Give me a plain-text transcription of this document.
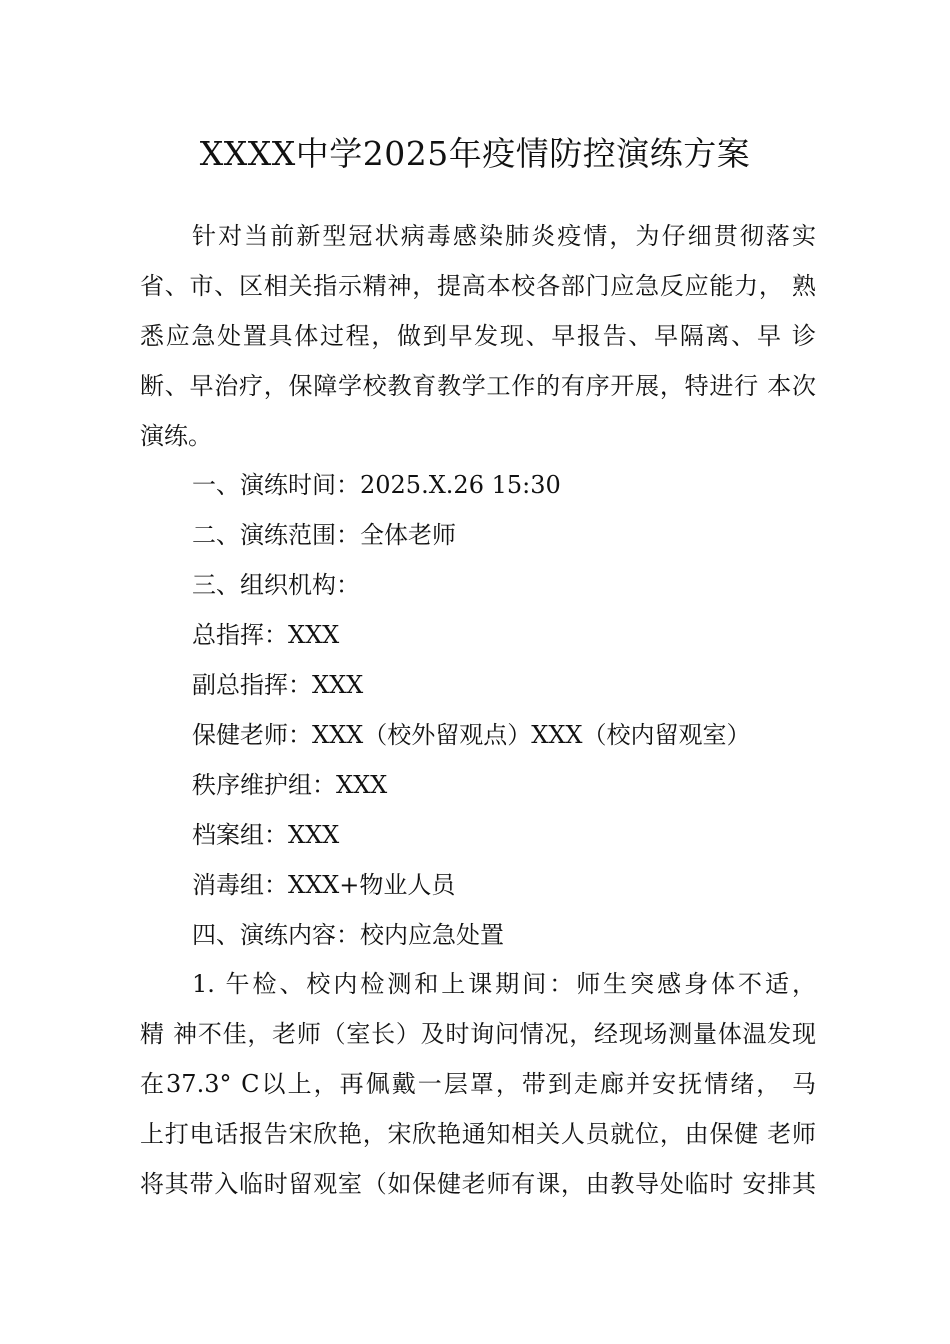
XXXX中学2025年疫情防控演练方案
针对当前新型冠状病毒感染肺炎疫情，为仔细贯彻落实
省、市、区相关指示精神，提高本校各部门应急反应能力， 熟
悉应急处置具体过程，做到早发现、早报告、早隔离、早 诊
断、早治疗，保障学校教育教学工作的有序开展，特进行 本次
演练。
一、演练时间：2025.X.26 15:30
二、演练范围：全体老师
三、组织机构：
总指挥：XXX
副总指挥：XXX
保健老师：XXX（校外留观点）XXX（校内留观室）
秩序维护组：XXX
档案组：XXX
消毒组：XXX+物业人员
四、演练内容：校内应急处置
1. 午检、校内检测和上课期间：师生突感身体不适，
精 神不佳，老师（室长）及时询问情况，经现场测量体温发现
在37.3° C以上，再佩戴一层罩，带到走廊并安抚情绪， 马
上打电话报告宋欣艳，宋欣艳通知相关人员就位，由保健 老师
将其带入临时留观室（如保健老师有课，由教导处临时 安排其
